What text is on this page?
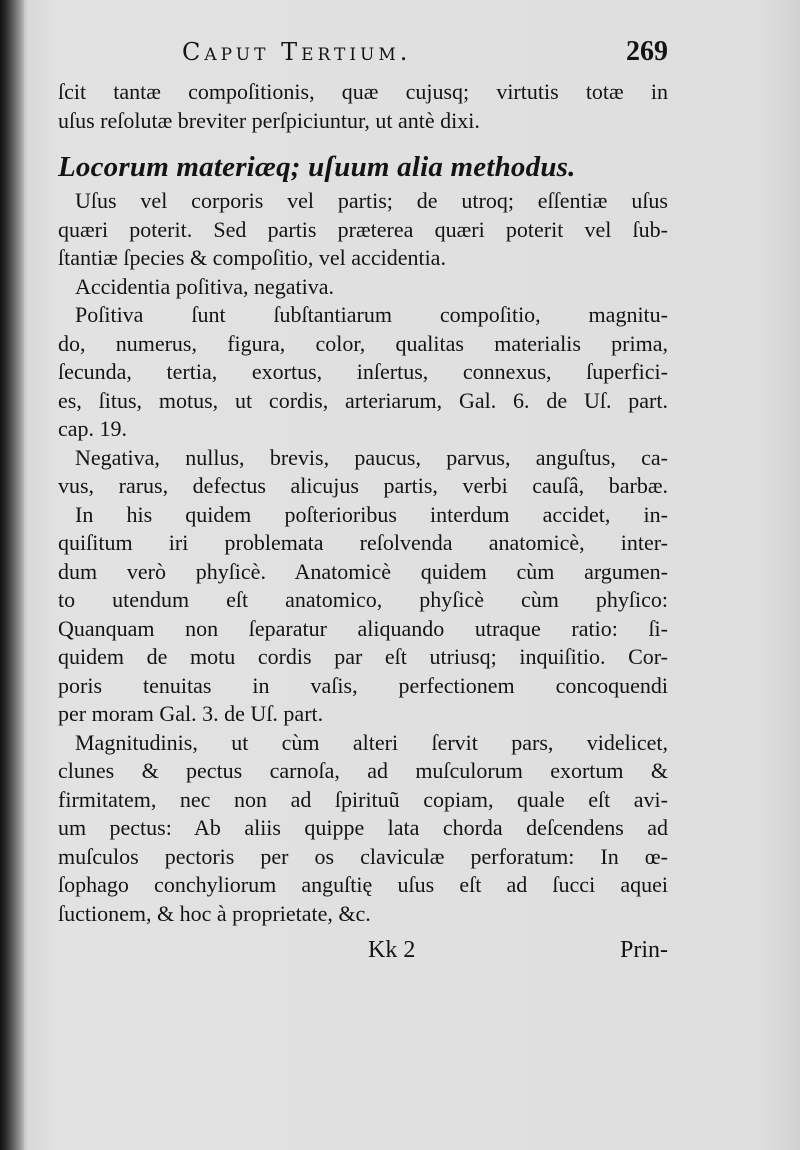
Caput Tertium.	269
ſcit tantæ compoſitionis, quæ cujusq; virtutis totæ in
uſus reſolutæ breviter perſpiciuntur, ut antè dixi.
Locorum materiæq; uſuum alia methodus.
Uſus vel corporis vel partis; de utroq; eſſentiæ uſus
quæri poterit. Sed partis præterea quæri poterit vel ſub-
ſtantiæ ſpecies & compoſitio, vel accidentia.
Accidentia poſitiva, negativa.
Poſitiva ſunt ſubſtantiarum compoſitio, magnitu-
do, numerus, figura, color, qualitas materialis prima,
ſecunda, tertia, exortus, inſertus, connexus, ſuperfici-
es, ſitus, motus, ut cordis, arteriarum, Gal. 6. de Uſ. part.
cap. 19.
Negativa, nullus, brevis, paucus, parvus, anguſtus, ca-
vus, rarus, defectus alicujus partis, verbi cauſâ, barbæ.
In his quidem poſterioribus interdum accidet, in-
quiſitum iri problemata reſolvenda anatomicè, inter-
dum verò phyſicè. Anatomicè quidem cùm argumen-
to utendum eſt anatomico, phyſicè cùm phyſico:
Quanquam non ſeparatur aliquando utraque ratio: ſi-
quidem de motu cordis par eſt utriusq; inquiſitio. Cor-
poris tenuitas in vaſis, perfectionem concoquendi
per moram Gal. 3. de Uſ. part.
Magnitudinis, ut cùm alteri ſervit pars, videlicet,
clunes & pectus carnoſa, ad muſculorum exortum &
firmitatem, nec non ad ſpirituũ copiam, quale eſt avi-
um pectus: Ab aliis quippe lata chorda deſcendens ad
muſculos pectoris per os claviculæ perforatum: In œ-
ſophago conchyliorum anguſtię uſus eſt ad ſucci aquei
ſuctionem, & hoc à proprietate, &c.
Kk 2	Prin-
